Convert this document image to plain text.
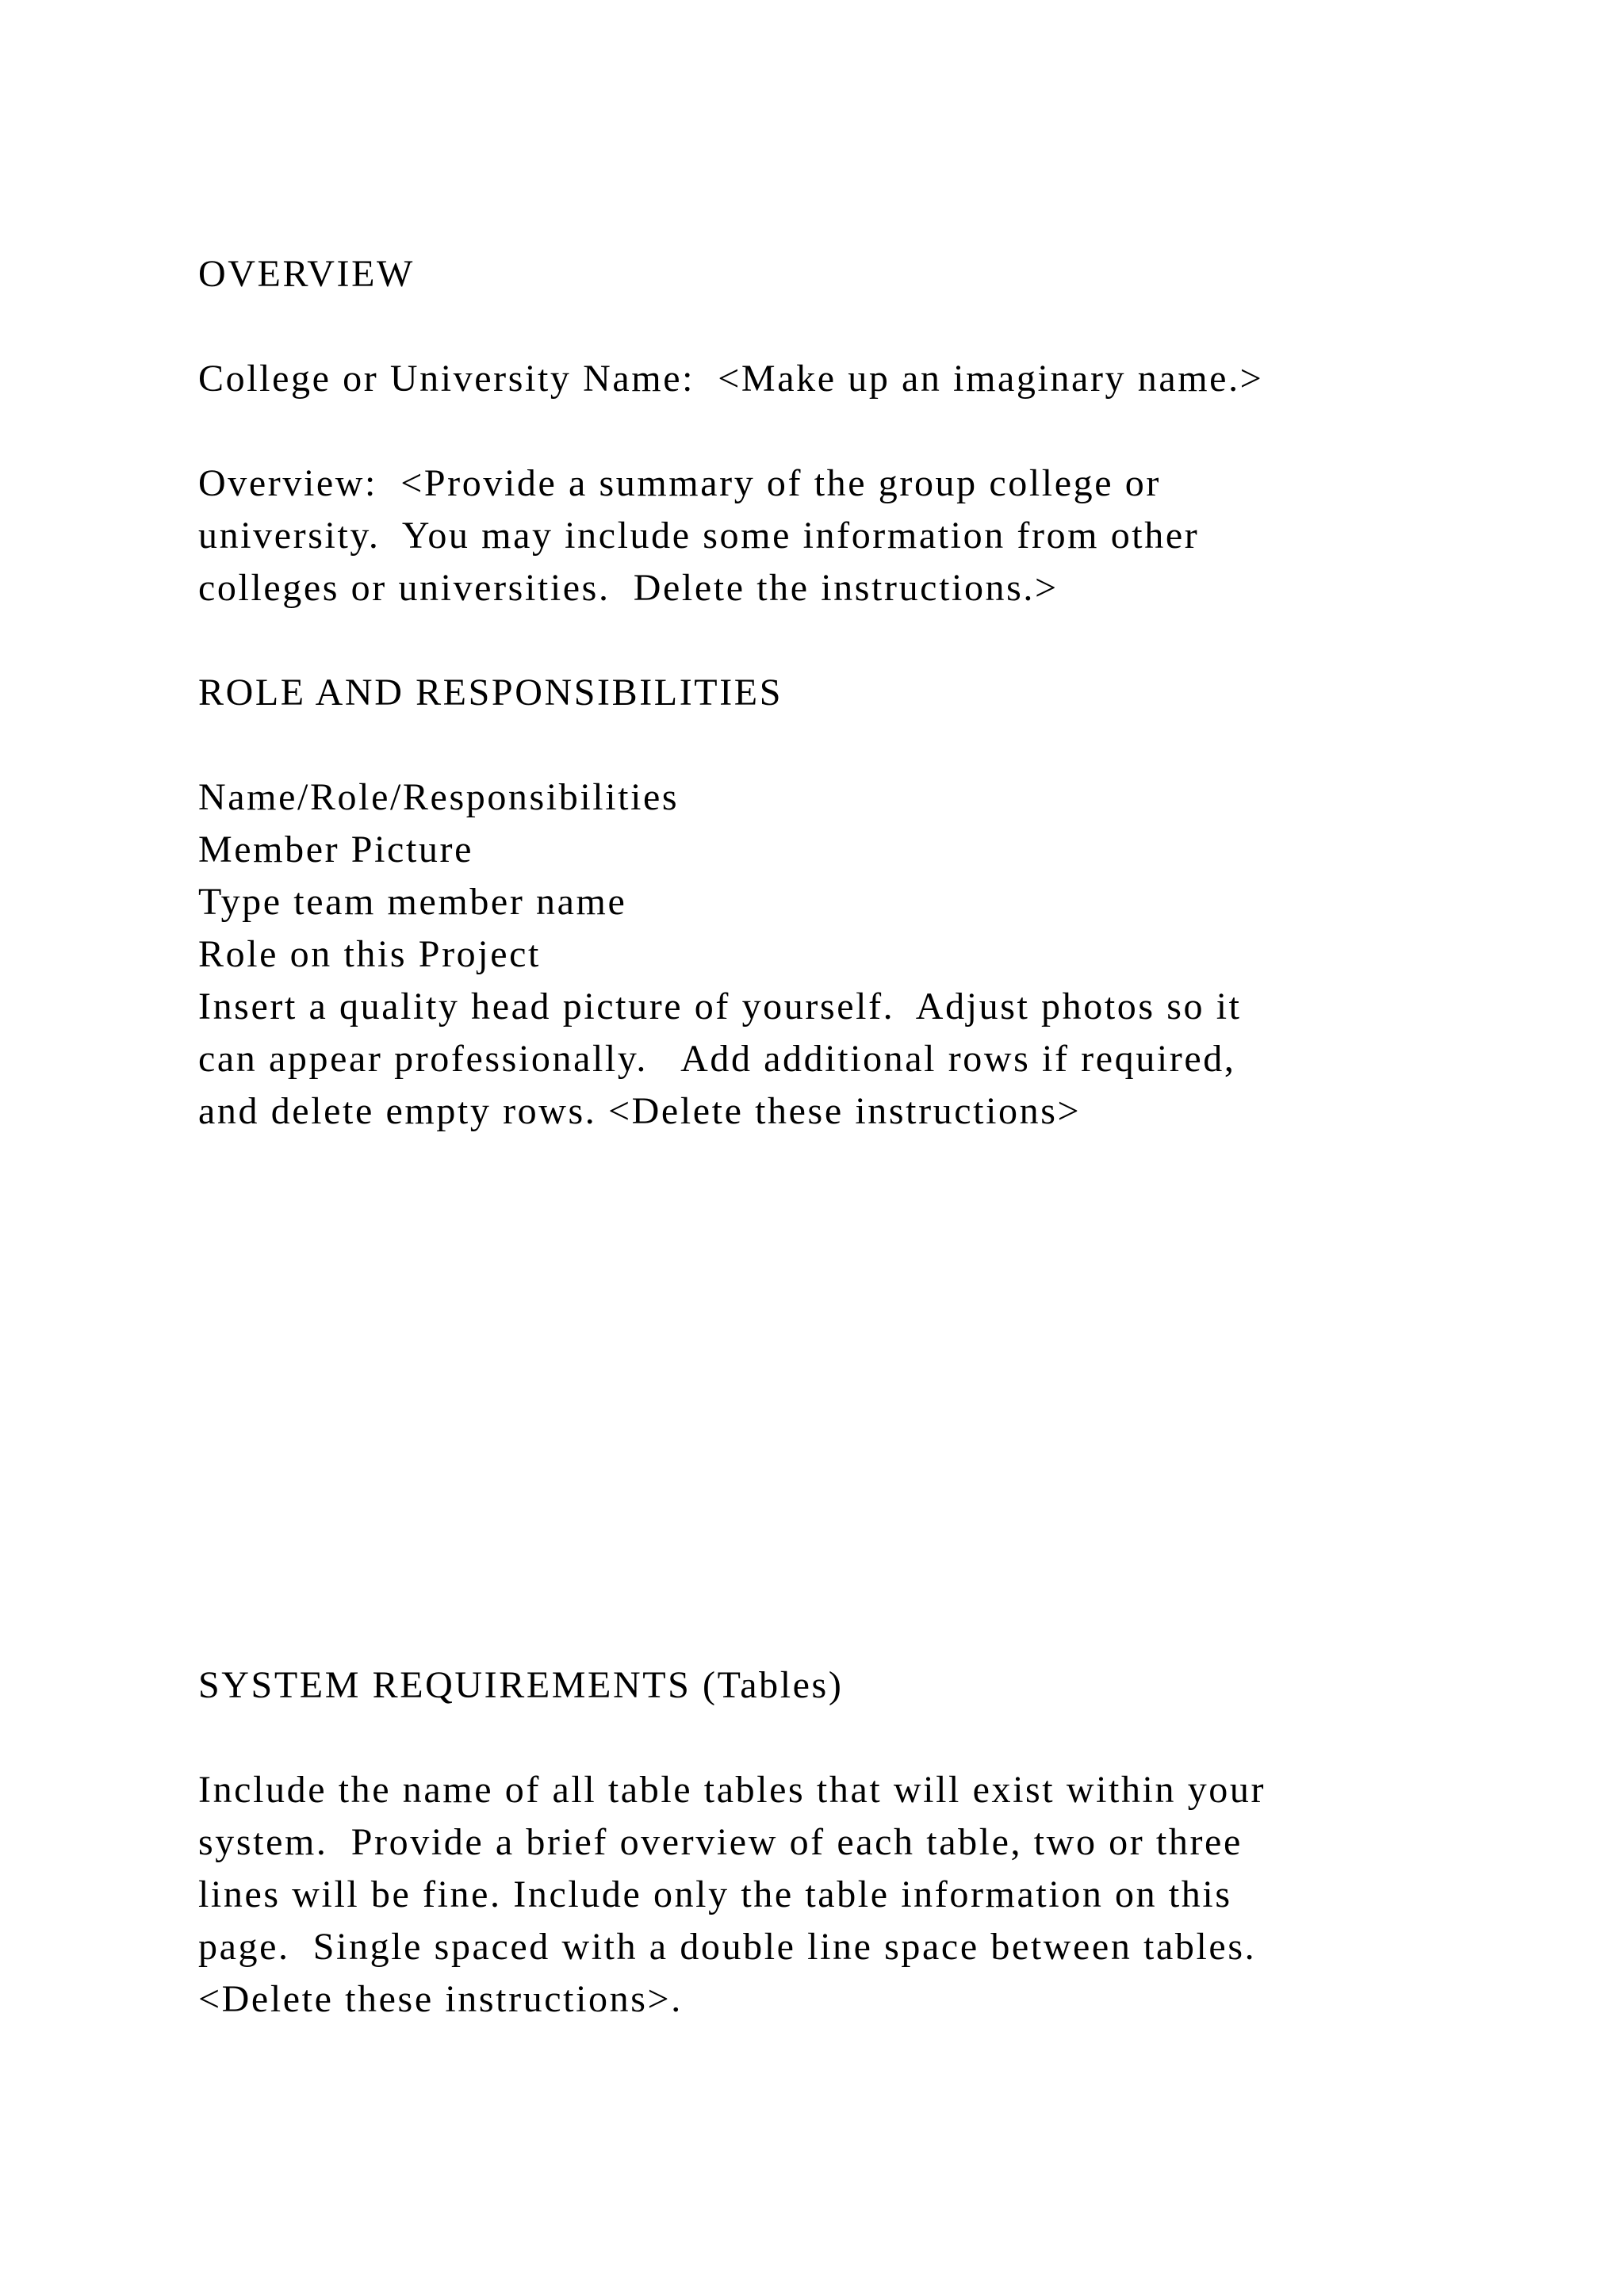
OVERVIEW

College or University Name:  <Make up an imaginary name.>

Overview:  <Provide a summary of the group college or

university.  You may include some information from other

colleges or universities.  Delete the instructions.>

ROLE AND RESPONSIBILITIES

Name/Role/Responsibilities

Member Picture

Type team member name

Role on this Project

Insert a quality head picture of yourself.  Adjust photos so it

can appear professionally.   Add additional rows if required,

and delete empty rows. <Delete these instructions>

SYSTEM REQUIREMENTS (Tables)

Include the name of all table tables that will exist within your

system.  Provide a brief overview of each table, two or three

lines will be fine. Include only the table information on this

page.  Single spaced with a double line space between tables.

<Delete these instructions>.
